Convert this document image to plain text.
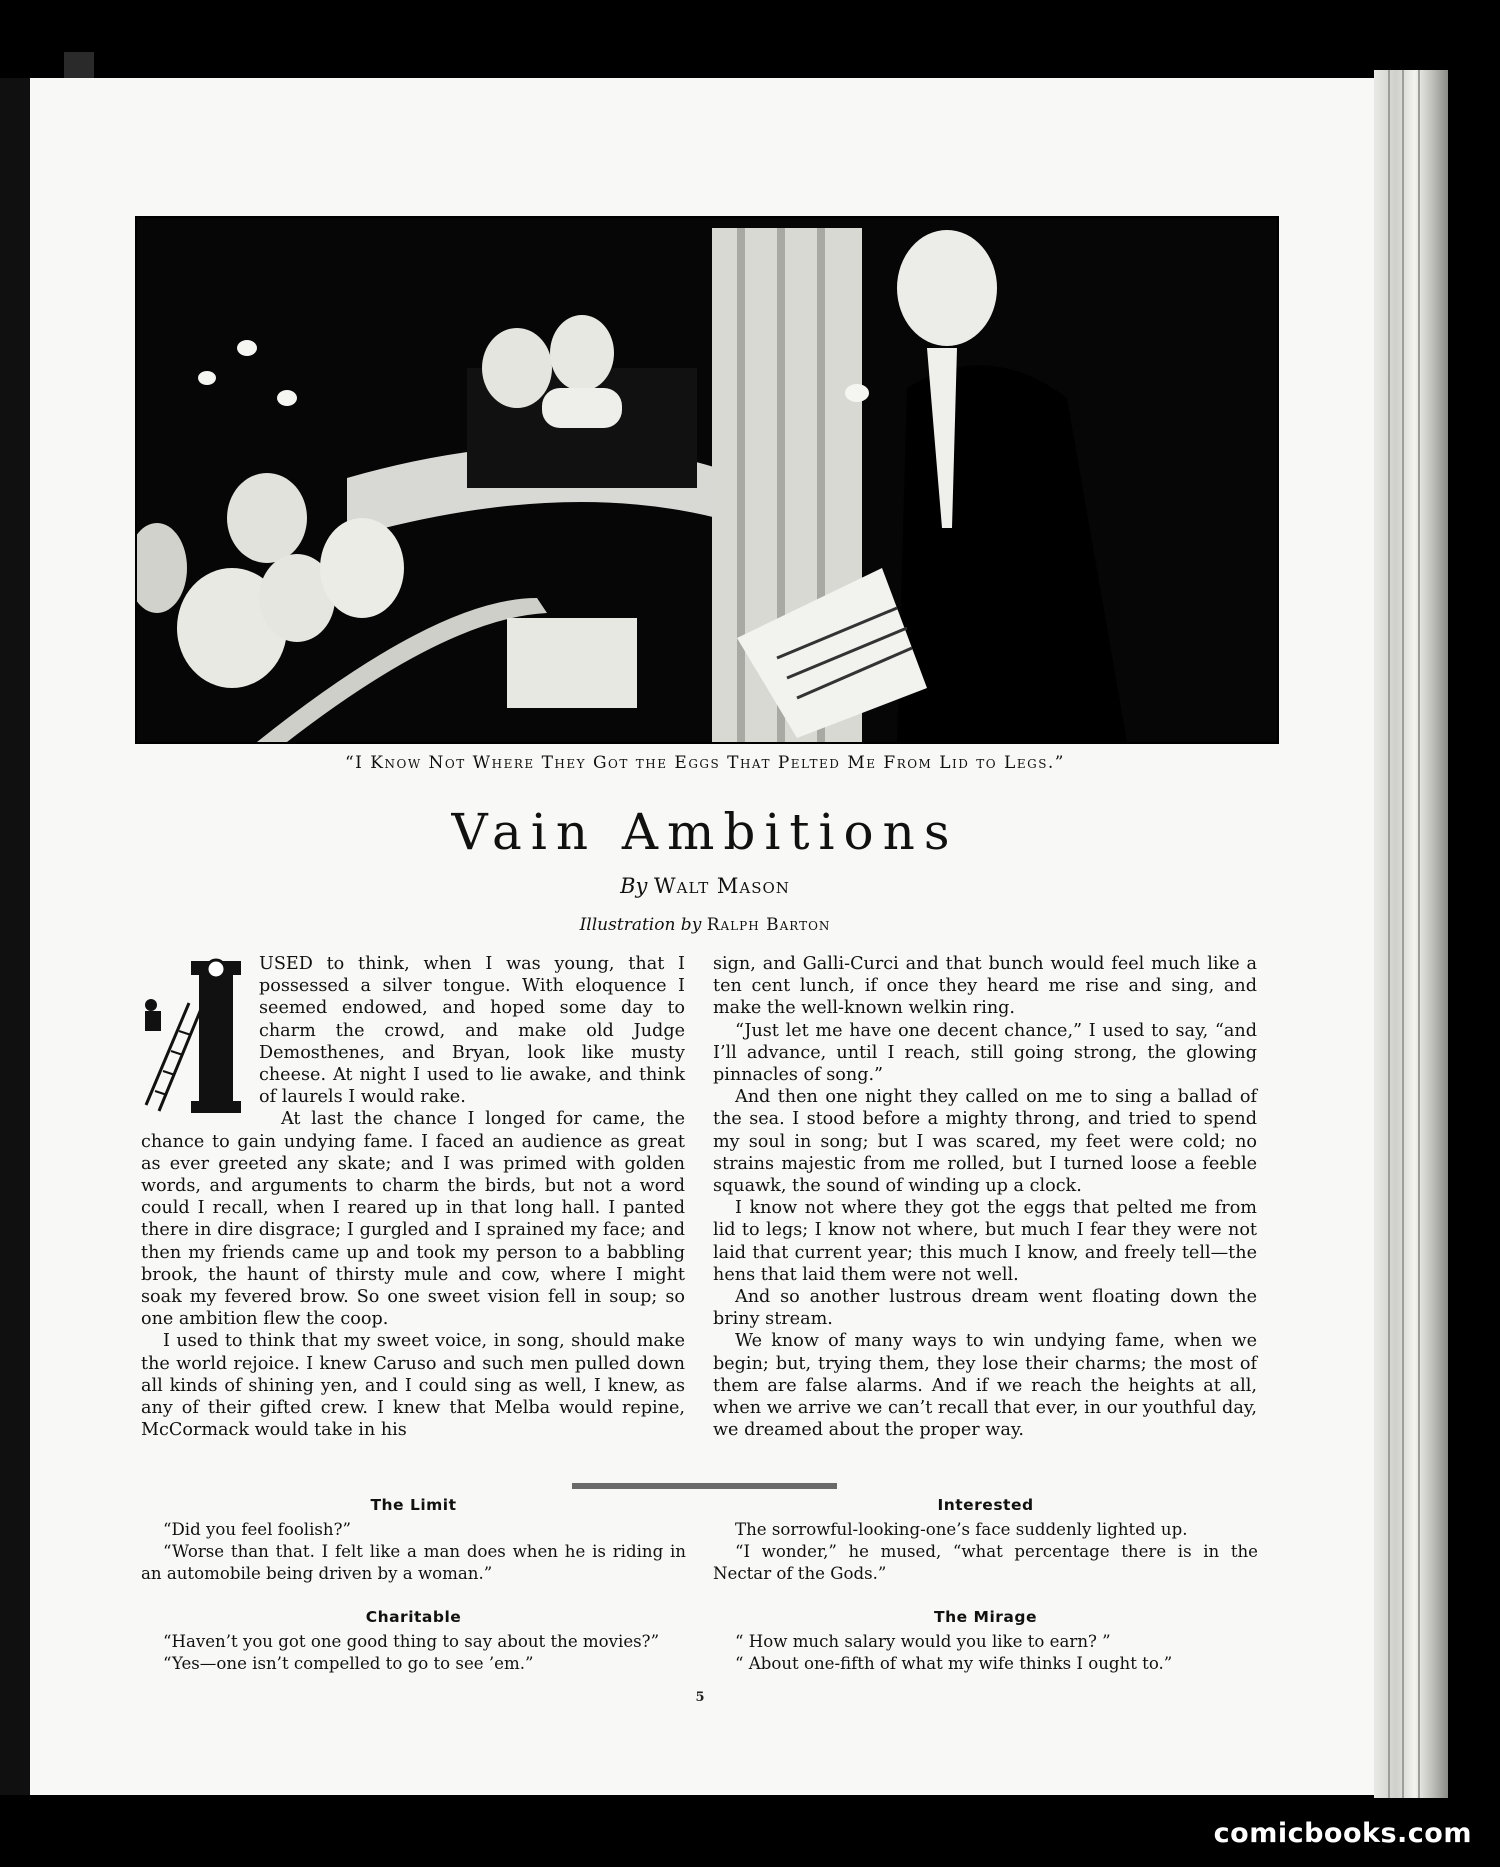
“I Know Not Where They Got the Eggs That Pelted Me From Lid to Legs.”
Vain Ambitions
By Walt Mason
Illustration by Ralph Barton

USED to think, when I was young, that I possessed a silver tongue. With eloquence I seemed endowed, and hoped some day to charm the crowd, and make old Judge Demosthenes, and Bryan, look like musty cheese. At night I used to lie awake, and think of laurels I would rake.

At last the chance I longed for came, the chance to gain undying fame. I faced an audience as great as ever greeted any skate; and I was primed with golden words, and arguments to charm the birds, but not a word could I recall, when I reared up in that long hall. I panted there in dire disgrace; I gurgled and I sprained my face; and then my friends came up and took my person to a babbling brook, the haunt of thirsty mule and cow, where I might soak my fevered brow. So one sweet vision fell in soup; so one ambition flew the coop.

I used to think that my sweet voice, in song, should make the world rejoice. I knew Caruso and such men pulled down all kinds of shining yen, and I could sing as well, I knew, as any of their gifted crew. I knew that Melba would repine, McCormack would take in his

sign, and Galli-Curci and that bunch would feel much like a ten cent lunch, if once they heard me rise and sing, and make the well-known welkin ring.

“Just let me have one decent chance,” I used to say, “and I’ll advance, until I reach, still going strong, the glowing pinnacles of song.”

And then one night they called on me to sing a ballad of the sea. I stood before a mighty throng, and tried to spend my soul in song; but I was scared, my feet were cold; no strains majestic from me rolled, but I turned loose a feeble squawk, the sound of winding up a clock.

I know not where they got the eggs that pelted me from lid to legs; I know not where, but much I fear they were not laid that current year; this much I know, and freely tell—the hens that laid them were not well.

And so another lustrous dream went floating down the briny stream.

We know of many ways to win undying fame, when we begin; but, trying them, they lose their charms; the most of them are false alarms. And if we reach the heights at all, when we arrive we can’t recall that ever, in our youthful day, we dreamed about the proper way.

The Limit

“Did you feel foolish?”

“Worse than that. I felt like a man does when he is riding in an automobile being driven by a woman.”

Interested

The sorrowful-looking-one’s face suddenly lighted up.

“I wonder,” he mused, “what percentage there is in the Nectar of the Gods.”

Charitable

“Haven’t you got one good thing to say about the movies?”

“Yes—one isn’t compelled to go to see ’em.”

The Mirage

“ How much salary would you like to earn? ”

“ About one-fifth of what my wife thinks I ought to.”

5
comicbooks.com
